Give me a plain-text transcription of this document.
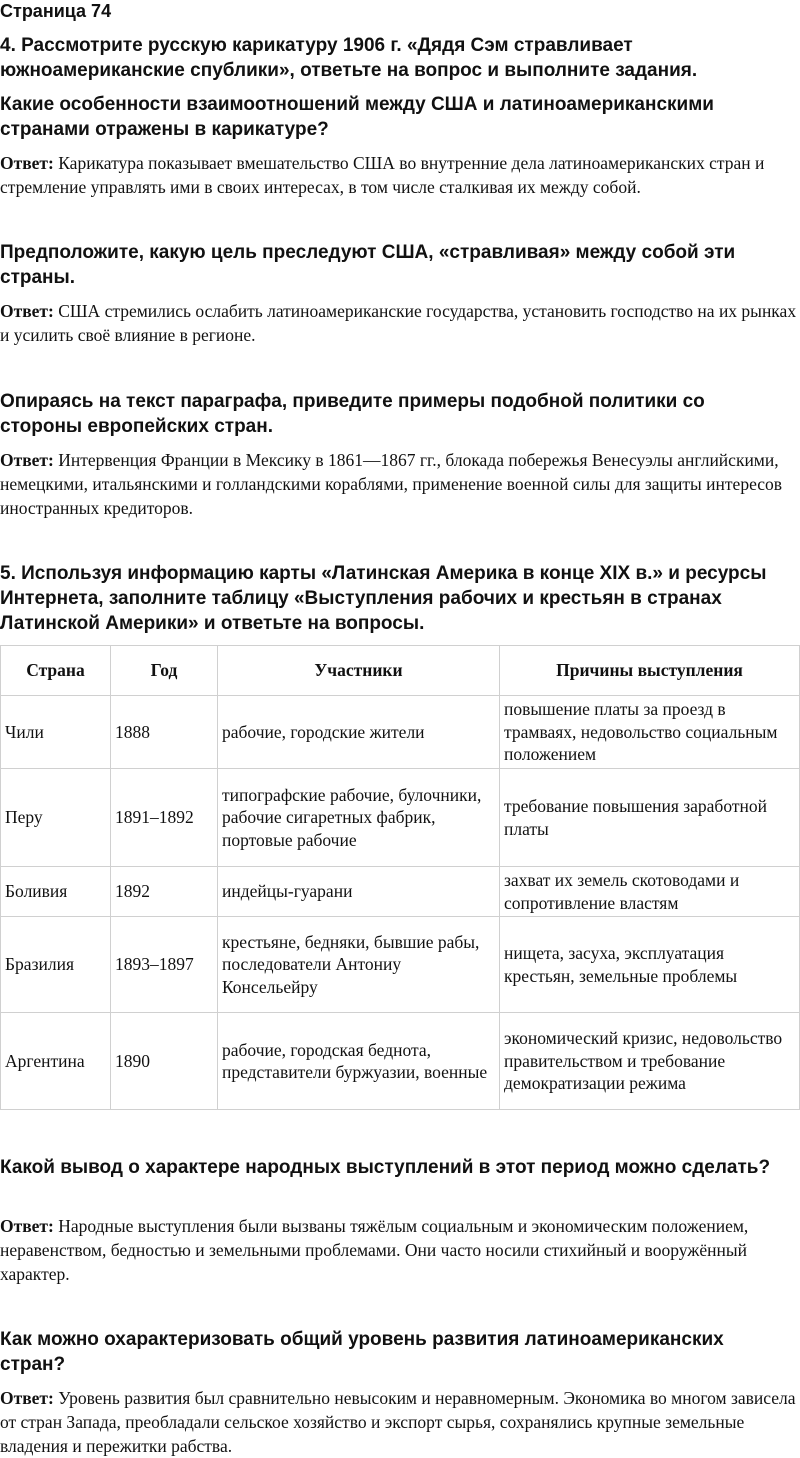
Страница 74
4. Рассмотрите русскую карикатуру 1906 г. «Дядя Сэм стравливает южноамериканские спублики», ответьте на вопрос и выполните задания.
Какие особенности взаимоотношений между США и латиноамериканскими странами отражены в карикатуре?
Ответ: Карикатура показывает вмешательство США во внутренние дела латиноамериканских стран и стремление управлять ими в своих интересах, в том числе сталкивая их между собой.
Предположите, какую цель преследуют США, «стравливая» между собой эти страны.
Ответ: США стремились ослабить латиноамериканские государства, установить господство на их рынках и усилить своё влияние в регионе.
Опираясь на текст параграфа, приведите примеры подобной политики со стороны европейских стран.
Ответ: Интервенция Франции в Мексику в 1861—1867 гг., блокада побережья Венесуэлы английскими, немецкими, итальянскими и голландскими кораблями, применение военной силы для защиты интересов иностранных кредиторов.
5. Используя информацию карты «Латинская Америка в конце XIX в.» и ресурсы Интернета, заполните таблицу «Выступления рабочих и крестьян в странах Латинской Америки» и ответьте на вопросы.
Страна	Год	Участники	Причины выступления
Чили	1888	рабочие, городские жители	повышение платы за проезд в трамваях, недовольство социальным положением
Перу	1891–1892	типографские рабочие, булочники, рабочие сигаретных фабрик, портовые рабочие	требование повышения заработной платы
Боливия	1892	индейцы-гуарани	захват их земель скотоводами и сопротивление властям
Бразилия	1893–1897	крестьяне, бедняки, бывшие рабы, последователи Антониу Консельейру	нищета, засуха, эксплуатация крестьян, земельные проблемы
Аргентина	1890	рабочие, городская беднота, представители буржуазии, военные	экономический кризис, недовольство правительством и требование демократизации режима
Какой вывод о характере народных выступлений в этот период можно сделать?
Ответ: Народные выступления были вызваны тяжёлым социальным и экономическим положением, неравенством, бедностью и земельными проблемами. Они часто носили стихийный и вооружённый характер.
Как можно охарактеризовать общий уровень развития латиноамериканских стран?
Ответ: Уровень развития был сравнительно невысоким и неравномерным. Экономика во многом зависела от стран Запада, преобладали сельское хозяйство и экспорт сырья, сохранялись крупные земельные владения и пережитки рабства.
